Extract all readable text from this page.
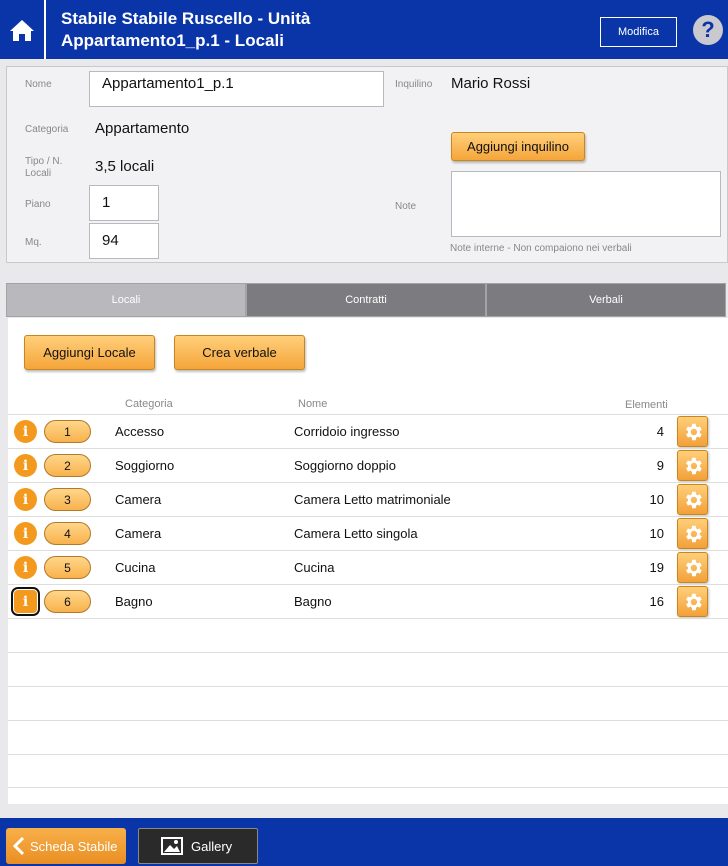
Stabile Stabile Ruscello - Unità
Appartamento1_p.1 - Locali	Modifica	?
Nome	Appartamento1_p.1
Categoria Appartamento
Tipo / N.
Locali	3,5 locali
Piano	1
Mq.	94
Inquilino Mario Rossi
Aggiungi inquilino
Note
Note interne - Non compaiono nei verbali
Locali	Contratti	Verbali
Aggiungi Locale	Crea verbale
Categoria	Nome	Elementi
i	1	Accesso	Corridoio ingresso	4
i	2	Soggiorno	Soggiorno doppio	9
i	3	Camera	Camera Letto matrimoniale	10
i	4	Camera	Camera Letto singola	10
i	5	Cucina	Cucina	19
i	6	Bagno	Bagno	16
Scheda Stabile	Gallery
